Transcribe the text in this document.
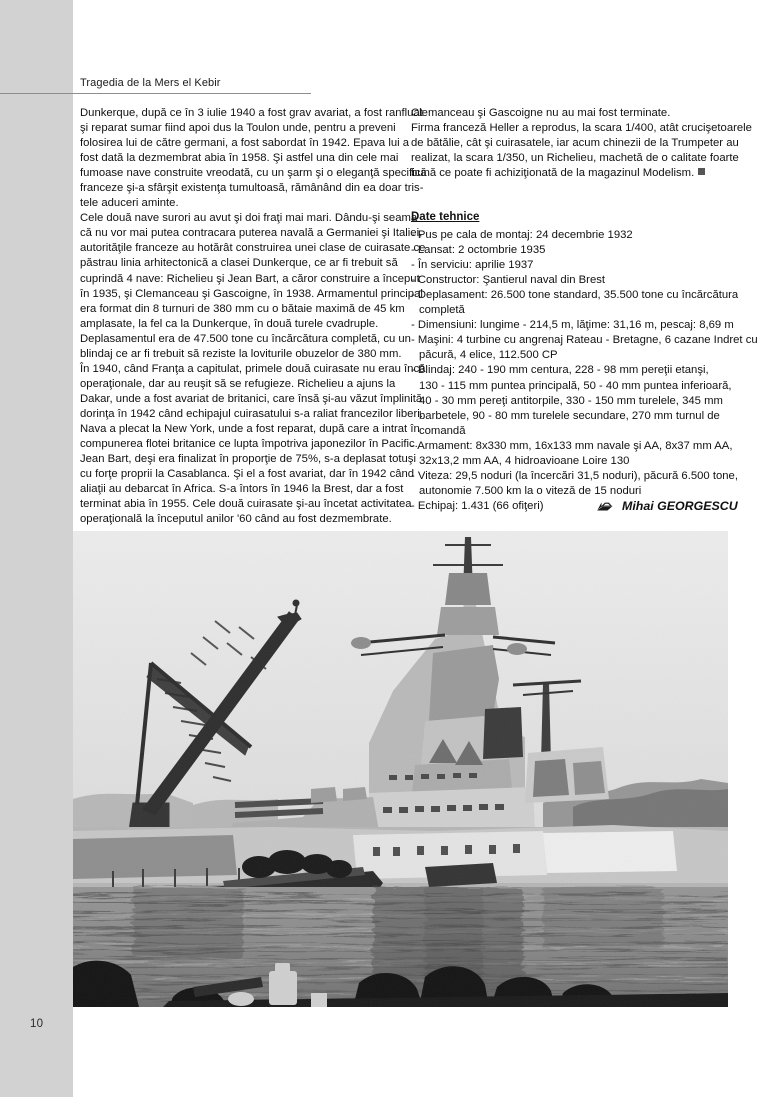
Tragedia de la Mers el Kebir

Dunkerque, după ce în 3 iulie 1940 a fost grav avariat, a fost ranfluat
şi reparat sumar fiind apoi dus la Toulon unde, pentru a preveni
folosirea lui de către germani, a fost sabordat în 1942. Epava lui a
fost dată la dezmembrat abia în 1958. Şi astfel una din cele mai
fumoase nave construite vreodată, cu un şarm şi o eleganţă specifică
franceze şi-a sfârşit existenţa tumultoasă, rămânând din ea doar tris-
tele aduceri aminte.

Cele două nave surori au avut şi doi fraţi mai mari. Dându-şi seama
că nu vor mai putea contracara puterea navală a Germaniei şi Italiei,
autorităţile franceze au hotărât construirea unei clase de cuirasate ce
păstrau linia arhitectonică a clasei Dunkerque, ce ar fi trebuit să
cuprindă 4 nave: Richelieu şi Jean Bart, a căror construire a început
în 1935, şi Clemanceau şi Gascoigne, în 1938. Armamentul principal
era format din 8 turnuri de 380 mm cu o bătaie maximă de 45 km
amplasate, la fel ca la Dunkerque, în două turele cvadruple.
Deplasamentul era de 47.500 tone cu încărcătura completă, cu un
blindaj ce ar fi trebuit să reziste la loviturile obuzelor de 380 mm.

În 1940, când Franţa a capitulat, primele două cuirasate nu erau încă
operaţionale, dar au reuşit să se refugieze. Richelieu a ajuns la
Dakar, unde a fost avariat de britanici, care însă şi-au văzut împlinită
dorinţa în 1942 când echipajul cuirasatului s-a raliat francezilor liberi.
Nava a plecat la New York, unde a fost reparat, după care a intrat în
compunerea flotei britanice ce lupta împotriva japonezilor în Pacific.
Jean Bart, deşi era finalizat în proporţie de 75%, s-a deplasat totuşi
cu forţe proprii la Casablanca. Şi el a fost avariat, dar în 1942 când
aliaţii au debarcat în Africa. S-a întors în 1946 la Brest, dar a fost
terminat abia în 1955. Cele două cuirasate şi-au încetat activitatea
operaţională la începutul anilor '60 când au fost dezmembrate.

Clemanceau şi Gascoigne nu au mai fost terminate.

Firma franceză Heller a reprodus, la scara 1/400, atât crucişetoarele
de bătălie, cât şi cuirasatele, iar acum chinezii de la Trumpeter au
realizat, la scara 1/350, un Richelieu, machetă de o calitate foarte
bună ce poate fi achiziţionată de la magazinul Modelism.

Date tehnice
- Pus pe cala de montaj: 24 decembrie 1932
- Lansat: 2 octombrie 1935
- În serviciu: aprilie 1937
- Constructor: Şantierul naval din Brest
- Deplasament: 26.500 tone standard, 35.500 tone cu încărcătura
completă
- Dimensiuni: lungime - 214,5 m, lăţime: 31,16 m, pescaj: 8,69 m
- Maşini: 4 turbine cu angrenaj Rateau - Bretagne, 6 cazane Indret cu
păcură, 4 elice, 112.500 CP
- Blindaj: 240 - 190 mm centura, 228 - 98 mm pereţii etanşi,
130 - 115 mm puntea principală, 50 - 40 mm puntea inferioară,
40 - 30 mm pereţi antitorpile, 330 - 150 mm turelele, 345 mm
barbetele, 90 - 80 mm turelele secundare, 270 mm turnul de
comandă
- Armament: 8x330 mm, 16x133 mm navale şi AA, 8x37 mm AA,
32x13,2 mm AA, 4 hidroavioane Loire 130
- Viteza: 29,5 noduri (la încercări 31,5 noduri), păcură 6.500 tone,
autonomie 7.500 km la o viteză de 15 noduri
- Echipaj: 1.431 (66 ofiţeri)	Mihai GEORGESCU
10
